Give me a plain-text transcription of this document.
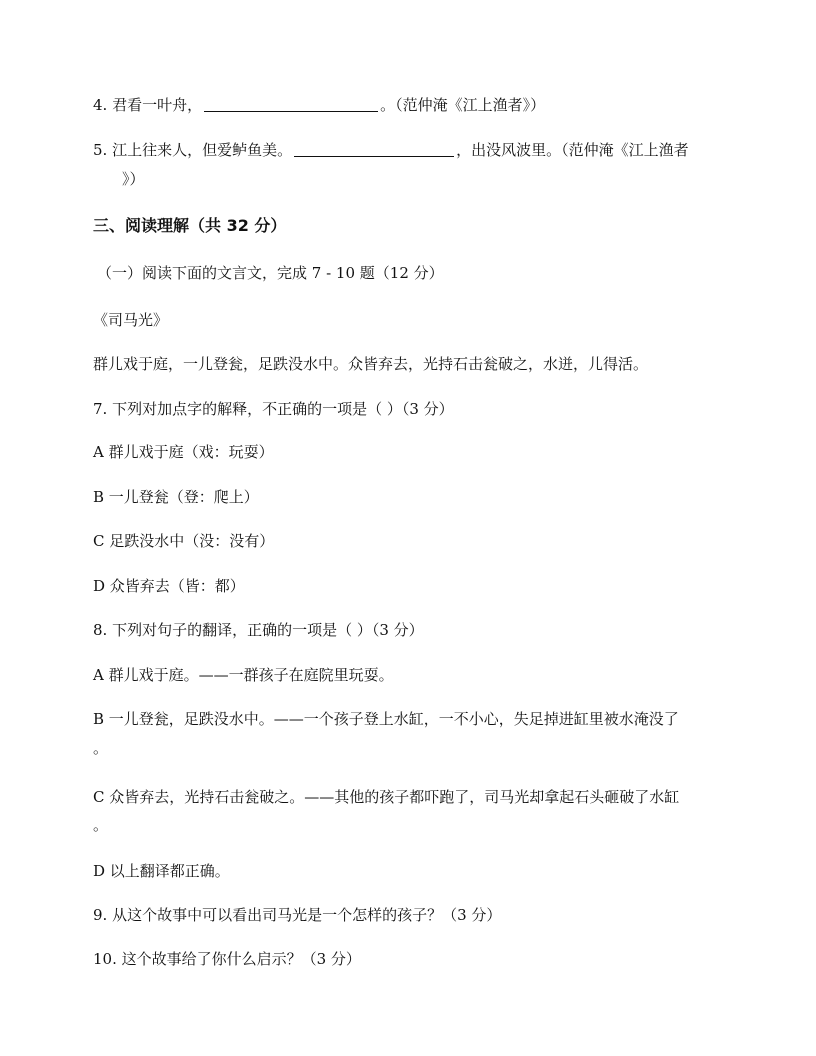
4. 君看一叶舟，	。（范仲淹《江上渔者》）
5. 江上往来人，但爱鲈鱼美。	，出没风波里。（范仲淹《江上渔者
》）
三、阅读理解（共 32 分）
（一）阅读下面的文言文，完成 7 - 10 题（12 分）
《司马光》
群儿戏于庭，一儿登瓮，足跌没水中。众皆弃去，光持石击瓮破之，水迸，儿得活。
7. 下列对加点字的解释，不正确的一项是（ ）（3 分）
A 群儿戏于庭（戏：玩耍）
B 一儿登瓮（登：爬上）
C 足跌没水中（没：没有）
D 众皆弃去（皆：都）
8. 下列对句子的翻译，正确的一项是（ ）（3 分）
A 群儿戏于庭。——一群孩子在庭院里玩耍。
B 一儿登瓮，足跌没水中。——一个孩子登上水缸，一不小心，失足掉进缸里被水淹没了
。
C 众皆弃去，光持石击瓮破之。——其他的孩子都吓跑了，司马光却拿起石头砸破了水缸
。
D 以上翻译都正确。
9. 从这个故事中可以看出司马光是一个怎样的孩子？（3 分）
10. 这个故事给了你什么启示？（3 分）
